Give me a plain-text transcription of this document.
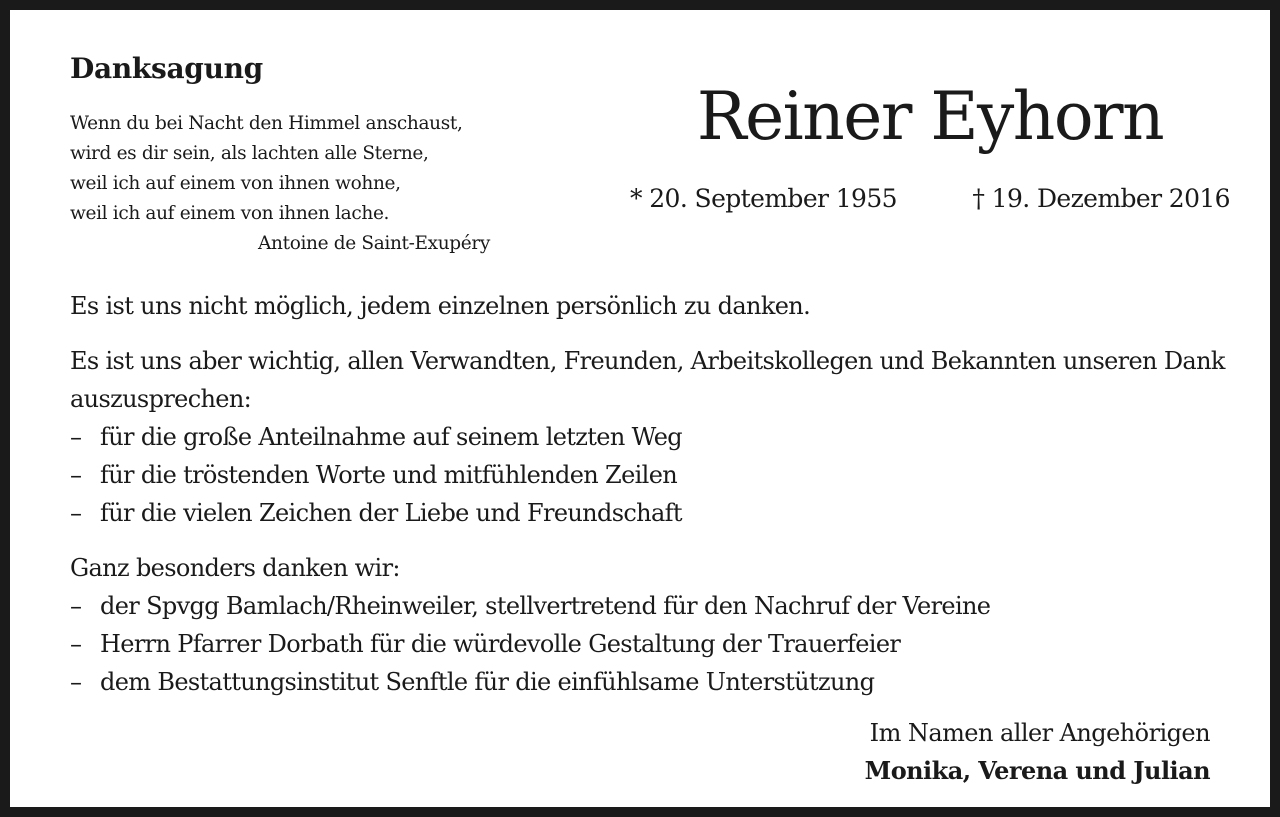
Danksagung
Wenn du bei Nacht den Himmel anschaust,
wird es dir sein, als lachten alle Sterne,
weil ich auf einem von ihnen wohne,
weil ich auf einem von ihnen lache.
Antoine de Saint-Exupéry
Reiner Eyhorn
* 20. September 1955	† 19. Dezember 2016

Es ist uns nicht möglich, jedem einzelnen persönlich zu danken.

Es ist uns aber wichtig, allen Verwandten, Freunden, Arbeitskollegen und Bekannten unseren Dank auszusprechen:

– für die große Anteilnahme auf seinem letzten Weg
– für die tröstenden Worte und mitfühlenden Zeilen
– für die vielen Zeichen der Liebe und Freundschaft

Ganz besonders danken wir:

– der Spvgg Bamlach/Rheinweiler, stellvertretend für den Nachruf der Vereine
– Herrn Pfarrer Dorbath für die würdevolle Gestaltung der Trauerfeier
– dem Bestattungsinstitut Senftle für die einfühlsame Unterstützung
Im Namen aller Angehörigen
Monika, Verena und Julian
